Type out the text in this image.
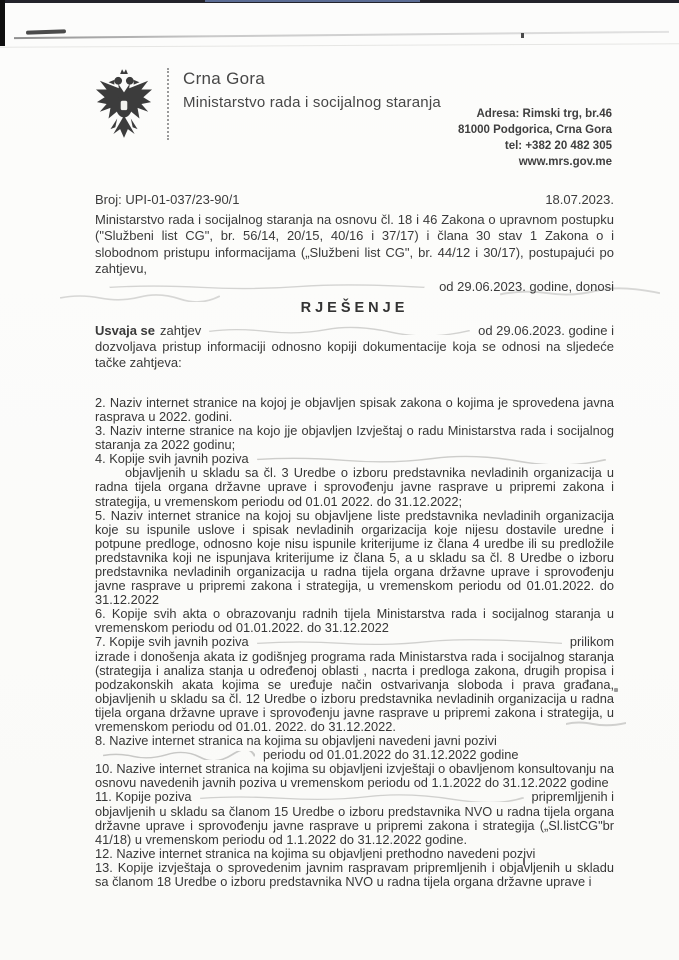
Crna Gora
Ministarstvo rada i socijalnog staranja
Adresa: Rimski trg, br.46
81000 Podgorica, Crna Gora
tel: +382 20 482 305
www.mrs.gov.me
Broj: UPI-01-037/23-90/1	18.07.2023.

Ministarstvo rada i socijalnog staranja na osnovu čl. 18 i 46 Zakona o upravnom postupku ("Službeni list CG", br. 56/14, 20/15, 40/16 i 37/17) i člana 30 stav 1 Zakona o i slobodnom pristupu informacijama („Službeni list CG", br. 44/12 i 30/17), postupajući po zahtjevu,

od 29.06.2023. godine, donosi
RJEŠENJE
Usvaja se zahtjev	od 29.06.2023. godine i

dozvoljava pristup informaciji odnosno kopiji dokumentacije koja se odnosi na sljedeće tačke zahtjeva:

2. Naziv internet stranice na kojoj je objavljen spisak zakona o kojima je sprovedena javna rasprava u 2022. godini.

3. Naziv interne stranice na kojo jje objavljen Izvještaj o radu Ministarstva rada i socijalnog staranja za 2022 godinu;

4. Kopije svih javnih poziva

objavljenih u skladu sa čl. 3 Uredbe o izboru predstavnika nevladinih organizacija u radna tijela organa državne uprave i sprovođenju javne rasprave u pripremi zakona i strategija, u vremenskom periodu od 01.01 2022. do 31.12.2022;

5. Naziv internet stranice na kojoj su objavljene liste predstavnika nevladinih organizacija koje su ispunile uslove i spisak nevladinih orgarizacija koje nijesu dostavile uredne i potpune predloge, odnosno koje nisu ispunile kriterijume iz člana 4 uredbe ili su predložile predstavnika koji ne ispunjava kriterijume iz člana 5, a u skladu sa čl. 8 Uredbe o izboru predstavnika nevladinih organizacija u radna tijela organa državne uprave i sprovođenju javne rasprave u pripremi zakona i strategija, u vremenskom periodu od 01.01.2022. do 31.12.2022

6. Kopije svih akta o obrazovanju radnih tijela Ministarstva rada i socijalnog staranja u vremenskom periodu od 01.01.2022. do 31.12.2022

7. Kopije svih javnih poziva	prilikom

izrade i donošenja akata iz godišnjeg programa rada Ministarstva rada i socijalnog staranja (strategija i analiza stanja u određenoj oblasti , nacrta i predloga zakona, drugih propisa i podzakonskih akata kojima se uređuje način ostvarivanja sloboda i prava građana, objavljenih u skladu sa čl. 12 Uredbe o izboru predstavnika nevladinih organizacija u radna tijela organa državne uprave i sprovođenju javne rasprave u pripremi zakona i strategija, u vremenskom periodu od 01.01. 2022. do 31.12.2022.

8. Nazive internet stranica na kojima su objavljeni navedeni javni pozivi

periodu od 01.01.2022 do 31.12.2022 godine

10. Nazive internet stranica na kojima su objavljeni izvještaji o obavljenom konsultovanju na osnovu navedenih javnih poziva u vremenskom periodu od 1.1.2022 do 31.12.2022 godine

11. Kopije poziva	pripremljjenih i

objavljenih u skladu sa članom 15 Uredbe o izboru predstavnika NVO u radna tijela organa državne uprave i sprovođenju javne rasprave u pripremi zakona i strategija („Sl.listCG"br 41/18) u vremenskom periodu od 1.1.2022 do 31.12.2022 godine.

12. Nazive internet stranica na kojima su objavljeni prethodno navedeni pozivi

13. Kopije izvještaja o sprovedenim javnim raspravam pripremljenih i objavljenih u skladu sa članom 18 Uredbe o izboru predstavnika NVO u radna tijela organa državne uprave i
